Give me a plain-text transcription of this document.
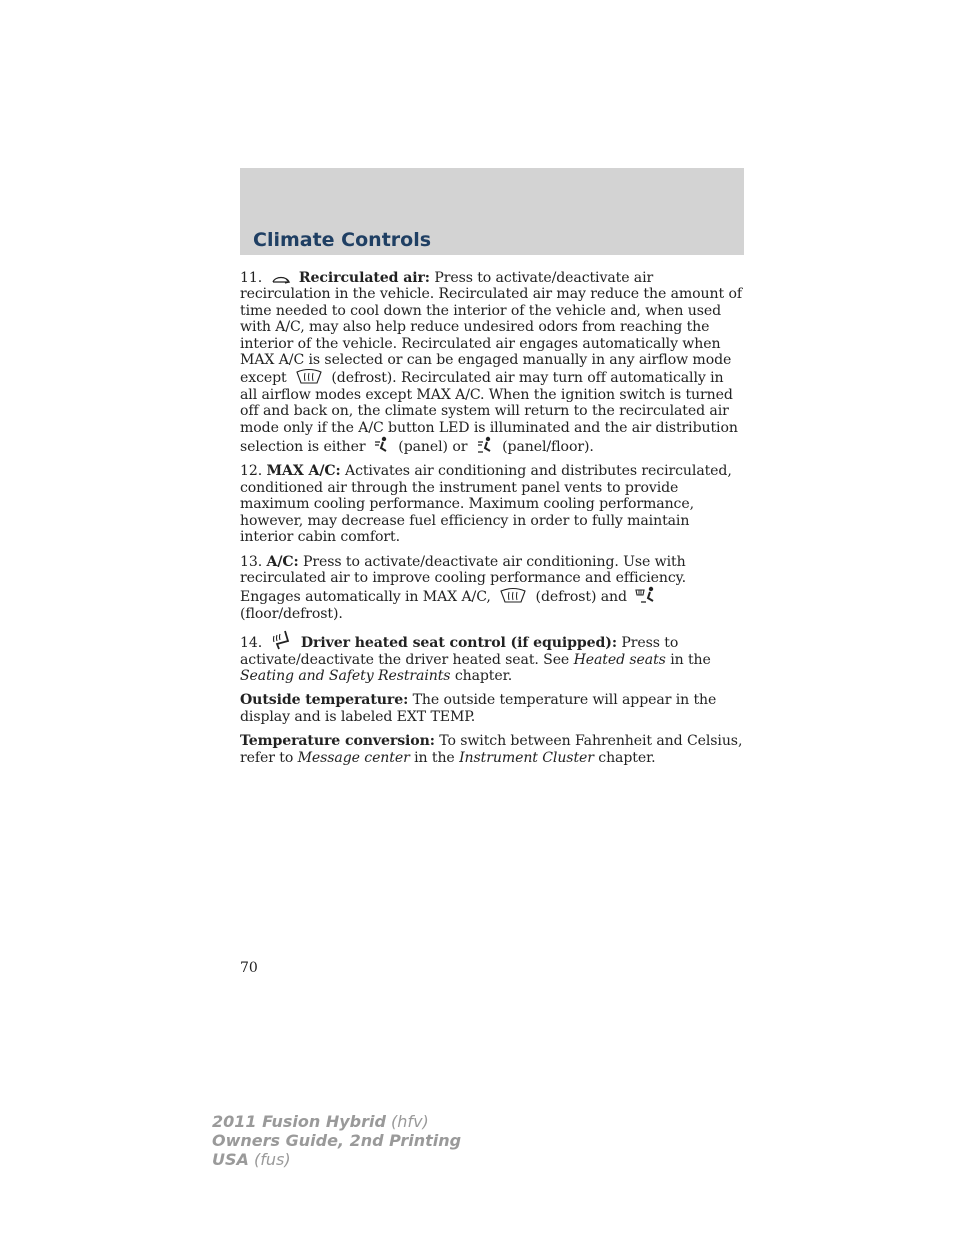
Climate Controls

11.	Recirculated air: Press to activate/deactivate air recirculation in the vehicle. Recirculated air may reduce the amount of time needed to cool down the interior of the vehicle and, when used with A/C, may also help reduce undesired odors from reaching the interior of the vehicle. Recirculated air engages automatically when MAX A/C is selected or can be engaged manually in any airflow mode except	(defrost). Recirculated air may turn off automatically in all airflow modes except MAX A/C. When the ignition switch is turned off and back on, the climate system will return to the recirculated air mode only if the A/C button LED is illuminated and the air distribution selection is either (panel) or (panel/floor).

12. MAX A/C: Activates air conditioning and distributes recirculated, conditioned air through the instrument panel vents to provide maximum cooling performance. Maximum cooling performance, however, may decrease fuel efficiency in order to fully maintain interior cabin comfort.

13. A/C: Press to activate/deactivate air conditioning. Use with recirculated air to improve cooling performance and efficiency. Engages automatically in MAX A/C,	(defrost) and  (floor/defrost).

14.	Driver heated seat control (if equipped): Press to activate/deactivate the driver heated seat. See Heated seats in the Seating and Safety Restraints chapter.

Outside temperature: The outside temperature will appear in the display and is labeled EXT TEMP.

Temperature conversion: To switch between Fahrenheit and Celsius, refer to Message center in the Instrument Cluster chapter.

70
2011 Fusion Hybrid (hfv)
Owners Guide, 2nd Printing
USA (fus)
